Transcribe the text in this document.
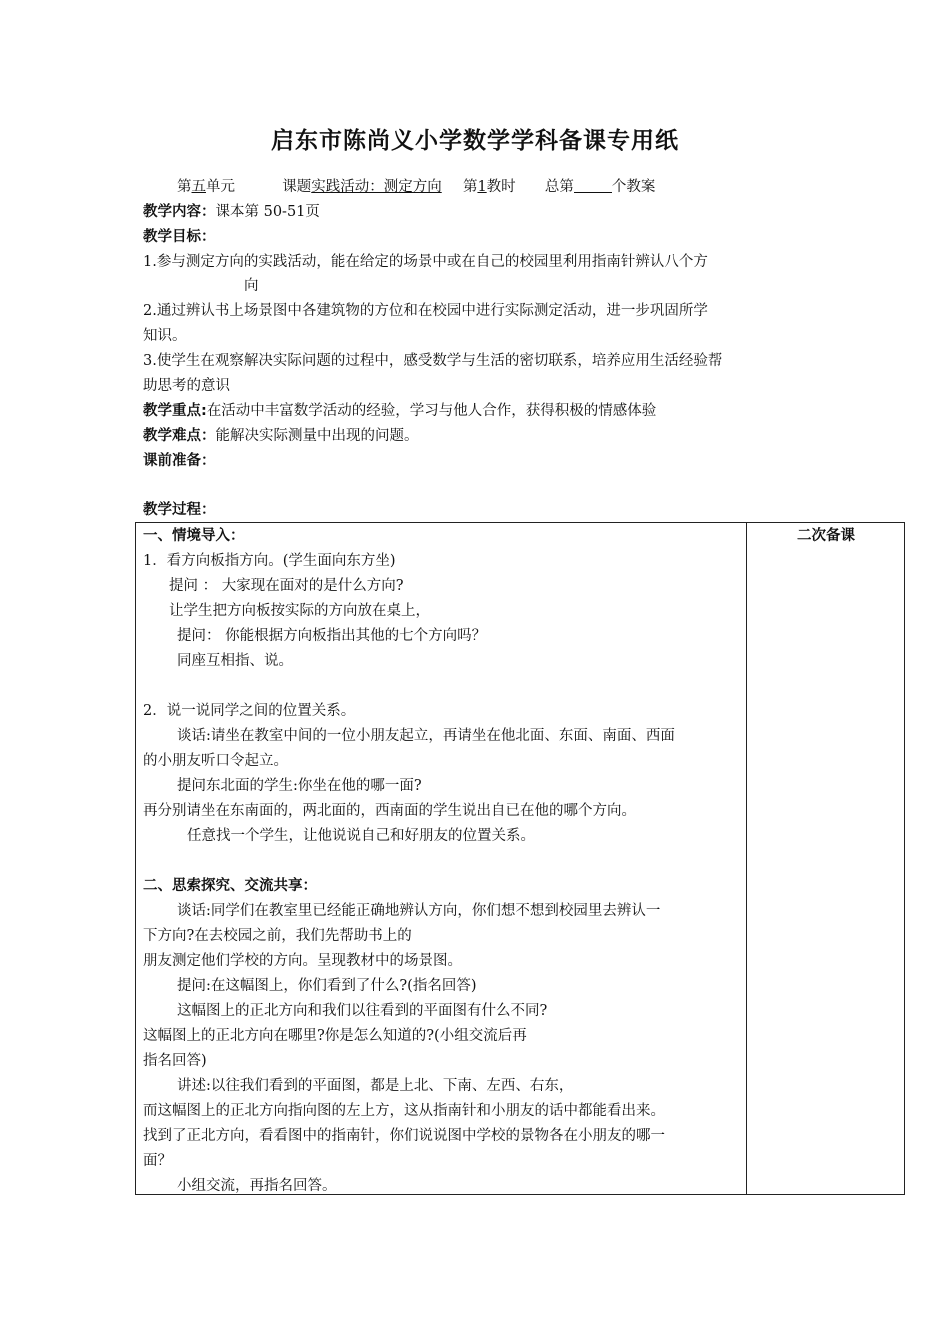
启东市陈尚义小学数学学科备课专用纸
第五单元	课题实践活动：测定方向 第1教时 总第	个教案
教学内容：课本第 50-51页
教学目标：
1.参与测定方向的实践活动，能在给定的场景中或在自己的校园里利用指南针辨认八个方
向
2.通过辨认书上场景图中各建筑物的方位和在校园中进行实际测定活动，进一步巩固所学
知识。
3.使学生在观察解决实际问题的过程中，感受数学与生活的密切联系，培养应用生活经验帮
助思考的意识
教学重点:在活动中丰富数学活动的经验，学习与他人合作，获得积极的情感体验
教学难点：能解决实际测量中出现的问题。
课前准备：
教学过程：
二次备课
一、情境导入：
1．看方向板指方向。(学生面向东方坐)
提问 ： 大家现在面对的是什么方向?
让学生把方向板按实际的方向放在桌上，
提问： 你能根据方向板指出其他的七个方向吗？
同座互相指、说。
2．说一说同学之间的位置关系。
谈话:请坐在教室中间的一位小朋友起立，再请坐在他北面、东面、南面、西面
的小朋友听口令起立。
提问东北面的学生:你坐在他的哪一面?
再分别请坐在东南面的，两北面的，西南面的学生说出自已在他的哪个方向。
任意找一个学生，让他说说自己和好朋友的位置关系。
二、思索探究、交流共享：
谈话:同学们在教室里已经能正确地辨认方向，你们想不想到校园里去辨认一
下方向?在去校园之前，我们先帮助书上的
朋友测定他们学校的方向。呈现教材中的场景图。
提问:在这幅图上，你们看到了什么?(指名回答)
这幅图上的正北方向和我们以往看到的平面图有什么不同?
这幅图上的正北方向在哪里?你是怎么知道的?(小组交流后再
指名回答)
讲述:以往我们看到的平面图，都是上北、下南、左西、右东，
而这幅图上的正北方向指向图的左上方，这从指南针和小朋友的话中都能看出来。
找到了正北方向，看看图中的指南针，你们说说图中学校的景物各在小朋友的哪一
面？
小组交流，再指名回答。
